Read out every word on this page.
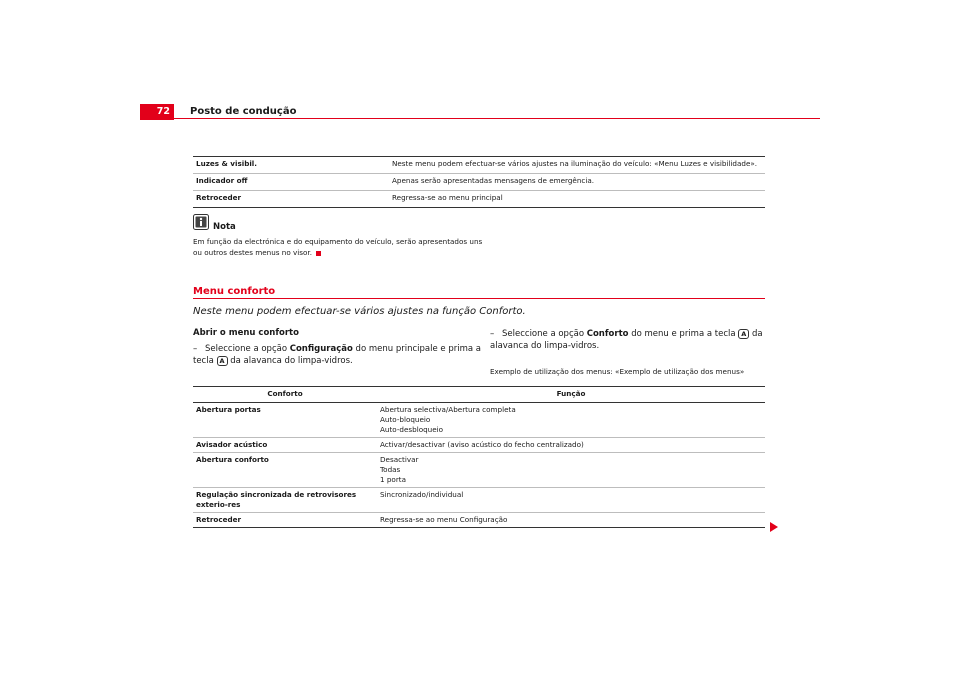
72	Posto de condução
Luzes & visibil.	Neste menu podem efectuar-se vários ajustes na iluminação do veículo: «Menu Luzes e visibilidade».
Indicador off	Apenas serão apresentadas mensagens de emergência.
Retroceder	Regressa-se ao menu principal
Nota
Em função da electrónica e do equipamento do veículo, serão apresentados uns ou outros destes menus no visor.
Menu conforto
Neste menu podem efectuar-se vários ajustes na função Conforto.
Abrir o menu conforto
– Seleccione a opção Configuração do menu principale e prima a tecla A da alavanca do limpa-vidros.
– Seleccione a opção Conforto do menu e prima a tecla A da alavanca do limpa-vidros.
Exemplo de utilização dos menus: «Exemplo de utilização dos menus»
Conforto	Função
Abertura portas	Abertura selectiva/Abertura completa
Auto-bloqueio
Auto-desbloqueio

Avisador acústico	Activar/desactivar (aviso acústico do fecho centralizado)

Abertura conforto	Desactivar
Todas
1 porta

Regulação sincronizada de retrovisores exterio-res	Sincronizado/individual

Retroceder	Regressa-se ao menu Configuração
